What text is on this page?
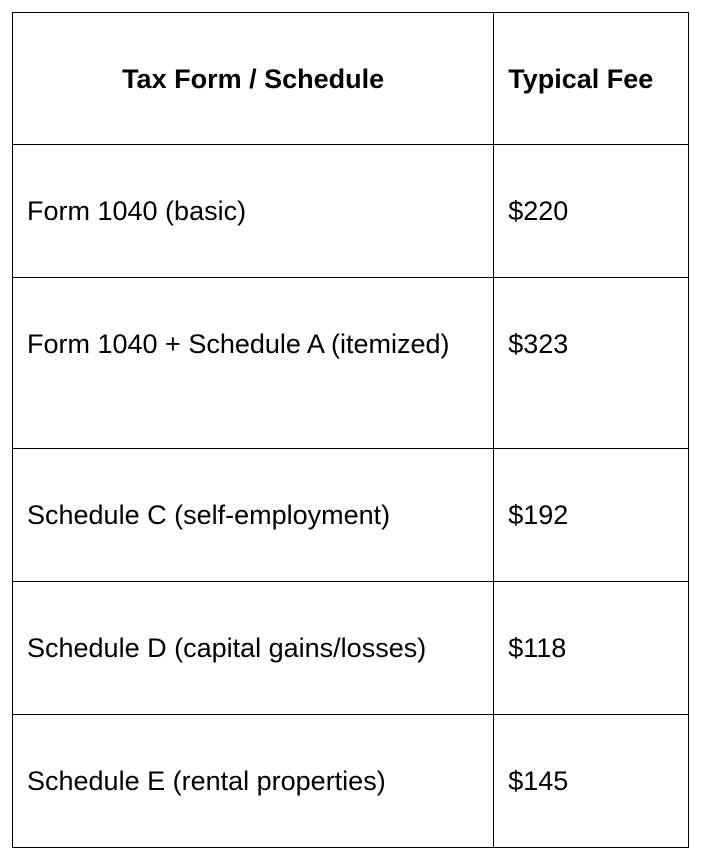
Tax Form / Schedule	Typical Fee
Form 1040 (basic)	$220
Form 1040 + Schedule A (itemized)	$323
Schedule C (self-employment)	$192
Schedule D (capital gains/losses)	$118
Schedule E (rental properties)	$145
